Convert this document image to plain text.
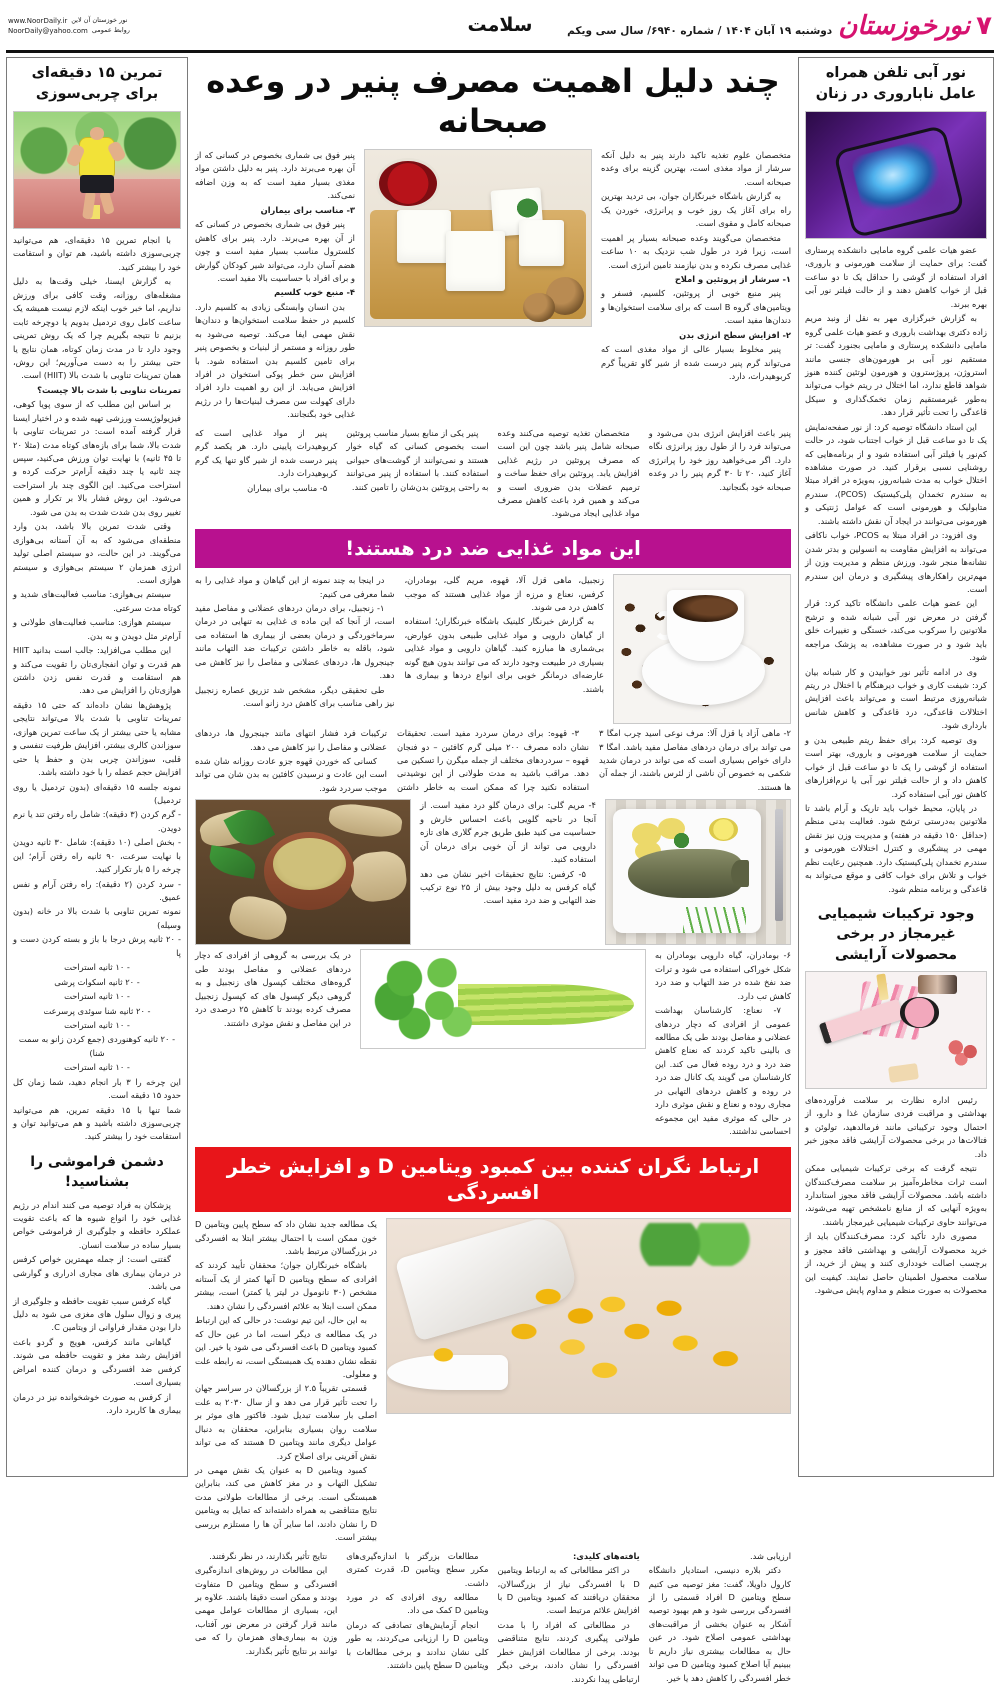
۷
نورخوزستان
دوشنبه ۱۹ آبان ۱۴۰۴ / شماره ۶۹۴۰/ سال سی ویکم
سلامت
www.NoorDaily.ir نور خوزستان آن لاین
NoorDaily@yahoo.com روابط عمومی
نور آبی تلفن همراه عامل ناباروری در زنان

عضو هیات علمی گروه مامایی دانشکده پرستاری گفت: برای حمایت از سلامت هورمونی و باروری، افراد استفاده از گوشی را حداقل یک تا دو ساعت قبل از خواب کاهش دهند و از حالت فیلتر نور آبی بهره ببرند.

به گزارش خبرگزاری مهر به نقل از ونبد مریم زاده دکتری بهداشت باروری و عضو هیات علمی گروه مامایی دانشکده پرستاری و مامایی بجنورد گفت: تر مستقیم نور آبی بر هورمون‌های جنسی مانند استروژن، پروژسترون و هورمون لوتئین کننده هنوز شواهد قاطع ندارد، اما اختلال در ریتم خواب می‌تواند به‌طور غیرمستقیم زمان تخمک‌گذاری و سیکل قاعدگی را تحت تأثیر قرار دهد.

این استاد دانشگاه توصیه کرد: از نور صفحه‌نمایش یک تا دو ساعت قبل از خواب اجتناب شود، در حالت کم‌نور یا فیلتر آبی استفاده شود و از برنامه‌هایی که روشنایی نسبی برقرار کنید. در صورت مشاهده اختلال خواب به مدت شبانه‌روز، به‌ویژه در افراد مبتلا به سندرم تخمدان پلی‌کیستیک (PCOS)، سندرم متابولیک و هورمونی است که عوامل ژنتیکی و هورمونی می‌توانند در ایجاد آن نقش داشته باشند.

وی افزود: در افراد مبتلا به PCOS، خواب ناکافی می‌تواند به افزایش مقاومت به انسولین و بدتر شدن نشانه‌ها منجر شود. ورزش منظم و مدیریت وزن از مهم‌ترین راهکارهای پیشگیری و درمان این سندرم است.

این عضو هیات علمی دانشگاه تاکید کرد: قرار گرفتن در معرض نور آبی شبانه شده و ترشح ملاتونین را سرکوب می‌کند، خستگی و تغییرات خلق باید شود و در صورت مشاهده، به پزشک مراجعه شود.

وی در ادامه تأثیر نور خوابیدن و کار شبانه بیان کرد: شیفت کاری و خواب دیرهنگام با اختلال در ریتم شبانه‌روزی مرتبط است و می‌تواند باعث افزایش اختلالات قاعدگی، درد قاعدگی و کاهش شانس بارداری شود.

وی توصیه کرد: برای حفظ ریتم طبیعی بدن و حمایت از سلامت هورمونی و باروری، بهتر است استفاده از گوشی را یک تا دو ساعت قبل از خواب کاهش داد و از حالت فیلتر نور آبی یا نرم‌افزارهای کاهش نور آبی استفاده کرد.

در پایان، محیط خواب باید تاریک و آرام باشد تا ملاتونین به‌درستی ترشح شود. فعالیت بدنی منظم (حداقل ۱۵۰ دقیقه در هفته) و مدیریت وزن نیز نقش مهمی در پیشگیری و کنترل اختلالات هورمونی و سندرم تخمدان پلی‌کیستیک دارد. همچنین رعایت نظم خواب و تلاش برای خواب کافی و موقع می‌تواند به قاعدگی و برنامه منظم شود.

وجود ترکیبات شیمیایی غیرمجاز در برخی محصولات آرایشی

رئیس اداره نظارت بر سلامت فرآورده‌های بهداشتی و مراقبت فردی سازمان غذا و دارو، از احتمال وجود ترکیباتی مانند فرمالدهید، تولوئن و فتالات‌ها در برخی محصولات آرایشی فاقد مجوز خبر داد.

نتیجه گرفت که برخی ترکیبات شیمیایی ممکن است ثرات مخاطره‌آمیز بر سلامت مصرف‌کنندگان داشته باشد. محصولات آرایشی فاقد مجوز استاندارد به‌ویژه آنهایی که از منابع نامشخص تهیه می‌شوند، می‌توانند حاوی ترکیبات شیمیایی غیرمجاز باشند.

مصوری دارد تأکید کرد: مصرف‌کنندگان باید از خرید محصولات آرایشی و بهداشتی فاقد مجوز و برچسب اصالت خودداری کنند و پیش از خرید، از سلامت محصول اطمینان حاصل نمایند. کیفیت این محصولات به صورت منظم و مداوم پایش می‌شود.

چند دلیل اهمیت مصرف پنیر در وعده صبحانه

متخصصان علوم تغذیه تاکید دارند پنیر به دلیل آنکه سرشار از مواد مغذی است، بهترین گزینه برای وعده صبحانه است.

به گزارش باشگاه خبرنگاران جوان، بی تردید بهترین راه برای آغاز یک روز خوب و پرانرژی، خوردن یک صبحانه کامل و مقوی است.

متخصصان می‌گویند وعده صبحانه بسیار پر اهمیت است، زیرا فرد در طول شب نزدیک به ۱۰ ساعت غذایی مصرف نکرده و بدن نیازمند تامین انرژی است.

۱- سرشار از پروتئین و املاح

پنیر منبع خوبی از پروتئین، کلسیم، فسفر و ویتامین‌های گروه B است که برای سلامت استخوان‌ها و دندان‌ها مفید است.

۲- افزایش سطح انرژی بدن

پنیر مخلوط بسیار عالی از مواد مغذی است که می‌تواند گرم پنیر درست شده از شیر گاو تقریباً گرم کربوهیدرات، دارد.

پنیر فوق بی شماری بخصوص در کسانی که از آن بهره می‌برند دارد. پنیر به دلیل داشتن مواد مغذی بسیار مفید است که به وزن اضافه نمی‌کند.

۳- مناسب برای بیماران

پنیر فوق بی شماری بخصوص در کسانی که از آن بهره می‌برند. دارد. پنیر برای کاهش کلسترول مناسب بسیار مفید است و چون هضم آسان دارد، می‌تواند شیر کودکان گوارش و برای افراد با حساسیت بالا مفید است.

۴- منبع خوب کلسیم

بدن انسان وابستگی زیادی به کلسیم دارد. کلسیم در حفظ سلامت استخوان‌ها و دندان‌ها نقش مهمی ایفا می‌کند. توصیه می‌شود به طور روزانه و مستمر از لبنیات و بخصوص پنیر برای تامین کلسیم بدن استفاده شود. با افزایش سن خطر پوکی استخوان در افراد افزایش می‌یابد. از این رو اهمیت دارد افراد دارای کهولت سن مصرف لبنیات‌ها را در رژیم غذایی خود بگنجانند.

پنیر باعث افزایش انرژی بدن می‌شود و می‌تواند فرد را از طول روز پرانرژی نگاه دارد. اگر می‌خواهید روز خود را پرانرژی آغاز کنید، ۲۰ تا ۳۰ گرم پنیر را در وعده صبحانه خود بگنجانید.

متخصصان تغذیه توصیه می‌کنند وعده صبحانه شامل پنیر باشد چون این است که مصرف پروتئین در رژیم غذایی افزایش یابد. پروتئین برای حفظ ساخت و ترمیم عضلات بدن ضروری است و می‌کند و همین فرد باعث کاهش مصرف مواد غذایی ایجاد می‌شود.

پنیر یکی از منابع بسیار مناسب پروتئین است بخصوص کسانی که گیاه خوار هستند و نمی‌توانند از گوشت‌های حیوانی استفاده کنند. با استفاده از پنیر می‌توانند به راحتی پروتئین بدن‌شان را تامین کنند.

پنیر از مواد غذایی است که کربوهیدرات پایینی دارد. هر یکصد گرم پنیر درست شده از شیر گاو تنها یک گرم کربوهیدرات دارد.

۵- مناسب برای بیماران

این مواد غذایی ضد درد هستند!

زنجبیل، ماهی قزل آلا، قهوه، مریم گلی، بومادران، کرفس، نعناع و مرزه از مواد غذایی هستند که موجب کاهش درد می شوند.

به گزارش خبرنگار کلینیک باشگاه خبرنگاران؛ استفاده از گیاهان دارویی و مواد غذایی طبیعی بدون عوارض، بی‌شماری ها مبارزه کنید. گیاهان دارویی و مواد غذایی بسیاری در طبیعت وجود دارند که می توانند بدون هیچ گونه عارضه‌ای درمانگر خوبی برای انواع دردها و بیماری ها باشند.

در اینجا به چند نمونه از این گیاهان و مواد غذایی را به شما معرفی می کنیم:

۱- زنجبیل، برای درمان دردهای عضلانی و مفاصل مفید است، از آنجا که این ماده ی غذایی به تنهایی در درمان سرماخوردگی و درمان بعضی از بیماری ها استفاده می شود، باقله به خاطر داشتن ترکیبات ضد التهاب مانند جینجرول ها، دردهای عضلانی و مفاصل را نیز کاهش می دهد.

طی تحقیقی دیگر، مشخص شد تزریق عصاره زنجبیل نیز راهی مناسب برای کاهش درد زانو است.

۲- ماهی آزاد یا قزل آلا: مرف نوعی اسید چرب امگا ۳ می تواند برای درمان دردهای مفاصل مفید باشد. امگا ۳ دارای خواص بسیاری است که می تواند در درمان شدید شکمی به خصوص آن ناشی از لئرس باشند، از جمله آن ها هستند.

۳- قهوه: برای درمان سردرد مفید است. تحقیقات نشان داده مصرف ۲۰۰ میلی گرم کافئین – دو فنجان قهوه – سردردهای مختلف از جمله میگرن را تسکین می دهد. مراقب باشید به مدت طولانی از این نوشیدنی استفاده نکنید چرا که ممکن است به خاطر داشتن ترکیبات فرد فشار انتهای مانند جینجرول ها، دردهای عضلانی و مفاصل را نیز کاهش می دهد.

کسانی که خوردن قهوه جزو عادت روزانه شان شده است این عادت و نرسیدن کافئین به بدن شان می تواند موجب سردرد شود.

۴- مریم گلی: برای درمان گلو درد مفید است. از آنجا در ناحیه گلویی باعث احساس خارش و حساسیت می کنید طبق طریق جرم گلاری های تازه دارویی می تواند از آن خوبی برای درمان آن استفاده کنید.

۵- کرفس: نتایج تحقیقات اخیر نشان می دهد گیاه کرفس به دلیل وجود بیش از ۲۵ نوع ترکیب ضد التهابی و ضد درد مفید است.

۶- بومادران، گیاه دارویی بومادران به شکل خوراکی استفاده می شود و ترات ضد نفخ شده در ضد التهاب و ضد درد کاهش تب دارد.

۷- نعناع: کارشناسان بهداشت عمومی از افرادی که دچار دردهای عضلانی و مفاصل بودند طی یک مطالعه ی بالینی تاکید کردند که نعناع کاهش ضد درد و درد روده فعال می کند. این کارشناسان می گویند یک کانال ضد درد در روده و کاهش دردهای التهابی در مجاری روده و نعناع و نقش موثری دارد در حالی که موثری مفید این مجموعه احساسی نداشتند.

در یک بررسی به گروهی از افرادی که دچار دردهای عضلانی و مفاصل بودند طی گروه‌های مختلف کپسول های زنجبیل و به گروهی دیگر کپسول های که کپسول زنجبیل مصرف کرده بودند تا کاهش ۲۵ درصدی درد در این مفاصل و نقش موثری داشتند.

ارتباط نگران کننده بین کمبود ویتامین D و افزایش خطر افسردگی

یک مطالعه جدید نشان داد که سطح پایین ویتامین D خون ممکن است با احتمال بیشتر ابتلا به افسردگی در بزرگسالان مرتبط باشد.

باشگاه خبرنگاران جوان؛ محققان تأیید کردند که افرادی که سطح ویتامین D آنها کمتر از یک آستانه مشخص (۳۰ نانومول در لیتر یا کمتر) است، بیشتر ممکن است ابتلا به علائم افسردگی را نشان دهند.

به این حال، این تیم نوشت: در حالی که این ارتباط در یک مطالعه ی دیگر است، اما در عین حال که کمبود ویتامین D باعث افسردگی می شود یا خیر. این نقطه نشان دهنده یک همبستگی است، نه رابطه علت و معلولی.

قسمتی تقریباً ۲.۵ از بزرگسالان در سراسر جهان را تحت تأثیر قرار می دهد و از سال ۲۰۳۰ به علت اصلی بار سلامت تبدیل شود. فاکتور های موثر بر سلامت روان بسیاری بنابراین، محققان به دنبال عوامل دیگری مانند ویتامین D هستند که می تواند نقش آفرینی برای اصلاح کرد.

کمبود ویتامین D به عنوان یک نقش مهمی در تشکیل التهاب و در مغز کاهش می کند، بنابراین همبستگی است. برخی از مطالعات طولانی مدت نتایج متناقضی به همراه داشته‌اند که تمایل به ویتامین D را نشان دادند، اما سایر آن ها را مستلزم بررسی بیشتر است.

ارزیابی شد.

دکتر بلاره دنیسی، استادیار دانشگاه کارول داویلا، گفت: مغز توصیه می کنیم سطح ویتامین D افراد قسمتی را از افسردگی بررسی شود و هم بهبود توصیه آشکار به عنوان بخشی از مراقبت‌های بهداشتی عمومی اصلاح شود. در عین حال به مطالعات بیشتری نیاز داریم تا ببینیم آیا اصلاح کمبود ویتامین D می تواند خطر افسردگی را کاهش دهد یا خیر.

یافته‌های کلیدی:

در اکثر مطالعاتی که به ارتباط ویتامین D با افسردگی نیاز از بزرگسالان، محققان دریافتند که کمبود ویتامین D با افزایش علائم مرتبط است.

در مطالعاتی که افراد را با مدت طولانی پیگیری کردند، نتایج متناقضی بودند. برخی از مطالعات افزایش خطر افسردگی را نشان دادند، برخی دیگر ارتباطی پیدا نکردند.

مطالعات بزرگتر با اندازه‌گیری‌های مکرر سطح ویتامین D، قدرت کمتری داشت.

مطالعه روی افرادی که در مورد ویتامین D کمک می داد.

انجام آزمایش‌های تصادفی که درمان ویتامین D را ارزیابی می‌کردند، به طور کلی نشان ندادند و برخی مطالعات با ویتامین D سطح پایین داشتند.

نتایج تأثیر بگذارند، در نظر نگرفتند.

این مطالعات در روش‌های اندازه‌گیری افسردگی و سطح ویتامین D متفاوت بودند و ممکن است دقیقا باشند. علاوه بر این، بسیاری از مطالعات عوامل مهمی مانند قرار گرفتن در معرض نور آفتاب، وزن به بیماری‌های همزمان را که می توانند بر نتایج تأثیر بگذارند.

تمرین ۱۵ دقیقه‌ای برای چربی‌سوزی

با انجام تمرین ۱۵ دقیقه‌ای، هم می‌توانید چربی‌سوزی داشته باشید، هم توان و استقامت خود را بیشتر کنید.

به گزارش ایسنا، خیلی وقت‌ها به دلیل مشغله‌های روزانه، وقت کافی برای ورزش نداریم، اما خبر خوب اینکه لازم نیست همیشه یک ساعت کامل روی تردمیل بدویم یا دوچرخه ثابت بزنیم تا نتیجه بگیریم چرا که یک روش تمرینی وجود دارد تا در مدت زمان کوتاه، همان نتایج یا حتی بیشتر را به دست می‌آوریم؛ این روش، همان تمرینات تناوبی با شدت بالا (HIIT) است.

تمرینات تناوبی با شدت بالا چیست؟

بر اساس این مطلب که از سوی پویا کوهی، فیزیولوژیست ورزشی تهیه شده و در اختیار ایسنا قرار گرفته آمده است: در تمرینات تناوبی با شدت بالا، شما برای بازه‌های کوتاه مدت (مثلا ۲۰ تا ۴۵ ثانیه) با نهایت توان ورزش می‌کنید، سپس چند ثانیه یا چند دقیقه آرام‌تر حرکت کرده و استراحت می‌کنید. این الگوی چند بار استراحت می‌شود. این روش فشار بالا بر تکرار و همین تغییر روی بدن شدت شدت به بدن می شود.

وقتی شدت تمرین بالا باشد، بدن وارد منطقه‌ای می‌شود که به آن آستانه بی‌هوازی می‌گویند. در این حالت، دو سیستم اصلی تولید انرژی همزمان ۲ سیستم بی‌هوازی و سیستم هوازی است.

سیستم بی‌هوازی: مناسب فعالیت‌های شدید و کوتاه مدت سرعتی.

سیستم هوازی: مناسب فعالیت‌های طولانی و آرام‌تر مثل دویدن و به بدن.

این مطلب می‌افزاید: جالب است بدانید HIIT هم قدرت و توان انفجاری‌تان را تقویت می‌کند و هم استقامت و قدرت نفس زدن داشتن هوازی‌تان را افزایش می دهد.

پژوهش‌ها نشان داده‌اند که حتی ۱۵ دقیقه تمرینات تناوبی با شدت بالا می‌تواند نتایجی مشابه یا حتی بیشتر از یک ساعت تمرین هوازی، سوزاندن کالری بیشتر، افزایش ظرفیت تنفسی و قلبی، سوزاندن چربی بدن و حفظ یا حتی افزایش حجم عضله را با خود داشته باشد.

نمونه جلسه ۱۵ دقیقه‌ای (بدون تردمیل یا روی تردمیل)

- گرم کردن (۳ دقیقه): شامل راه رفتن تند یا نرم دویدن.

- بخش اصلی (۱۰ دقیقه): شامل ۳۰ ثانیه دویدن با نهایت سرعت، ۹۰ ثانیه راه رفتن آرام؛ این چرخه را ۵ بار تکرار کنید.

- سرد کردن (۲ دقیقه): راه رفتن آرام و نفس عمیق.

نمونه تمرین تناوبی با شدت بالا در خانه (بدون وسیله)

- ۲۰ ثانیه پرش درجا با باز و بسته کردن دست و پا

- ۱۰ ثانیه استراحت

- ۲۰ ثانیه اسکوات پرشی

- ۱۰ ثانیه استراحت

- ۲۰ ثانیه شنا سوئدی پرسرعت

- ۱۰ ثانیه استراحت

- ۲۰ ثانیه کوهنوردی (جمع کردن زانو به سمت شنا)

- ۱۰ ثانیه استراحت

این چرخه را ۳ بار انجام دهید، شما زمان کل حدود ۱۵ دقیقه است.

شما تنها با ۱۵ دقیقه تمرین، هم می‌توانید چربی‌سوزی داشته باشید و هم می‌توانید توان و استقامت خود را بیشتر کنید.

دشمن فراموشی را بشناسید!

پزشکان به فراد توصیه می کنند اندام در رژیم غذایی خود را انواع شیوه ها که باعث تقویت عملکرد حافظه و جلوگیری از فراموشی خواص بسیار ساده در سلامت انسان.

گفتنی است: از جمله مهمترین خواص کرفس در درمان بیماری های مجاری ادراری و گوارشی می باشد.

گیاه کرفس سبب تقویت حافظه و جلوگیری از پیری و زوال سلول های مغزی می شود به دلیل دارا بودن مقدار فراوانی از ویتامین C.

گیاهانی مانند کرفس، هویج و گردو باعث افزایش رشد مغز و تقویت حافظه می شوند. کرفس ضد افسردگی و درمان کننده امراض بسیاری است.

از کرفس به صورت خوشخوانده نیز در درمان بیماری ها کاربرد دارد.
